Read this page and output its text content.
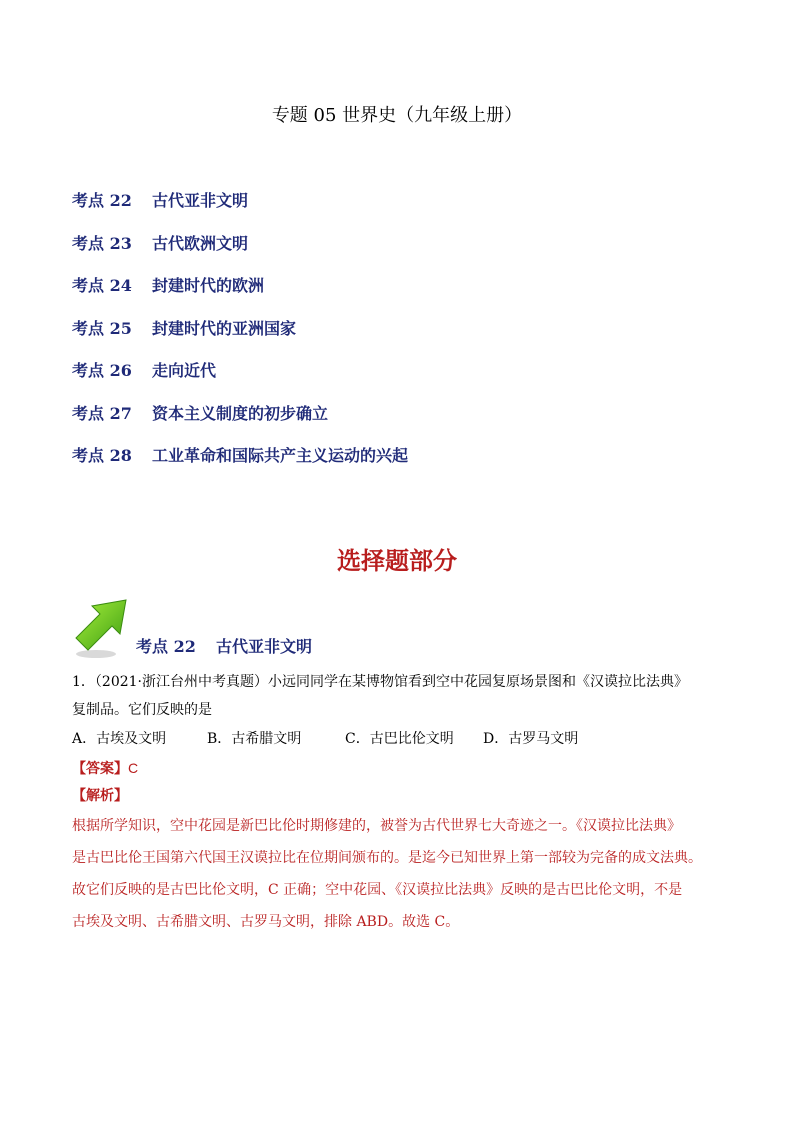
专题 05 世界史（九年级上册）
考点 22 古代亚非文明
考点 23 古代欧洲文明
考点 24 封建时代的欧洲
考点 25 封建时代的亚洲国家
考点 26 走向近代
考点 27 资本主义制度的初步确立
考点 28 工业革命和国际共产主义运动的兴起
选择题部分
考点 22 古代亚非文明
1．（2021·浙江台州中考真题）小远同同学在某博物馆看到空中花园复原场景图和《汉谟拉比法典》
复制品。它们反映的是
A．古埃及文明	B．古希腊文明	C．古巴比伦文明 D．古罗马文明
【答案】C
【解析】
根据所学知识，空中花园是新巴比伦时期修建的，被誉为古代世界七大奇迹之一。《汉谟拉比法典》
是古巴比伦王国第六代国王汉谟拉比在位期间颁布的。是迄今已知世界上第一部较为完备的成文法典。
故它们反映的是古巴比伦文明，C 正确；空中花园、《汉谟拉比法典》反映的是古巴比伦文明，不是
古埃及文明、古希腊文明、古罗马文明，排除 ABD。故选 C。
